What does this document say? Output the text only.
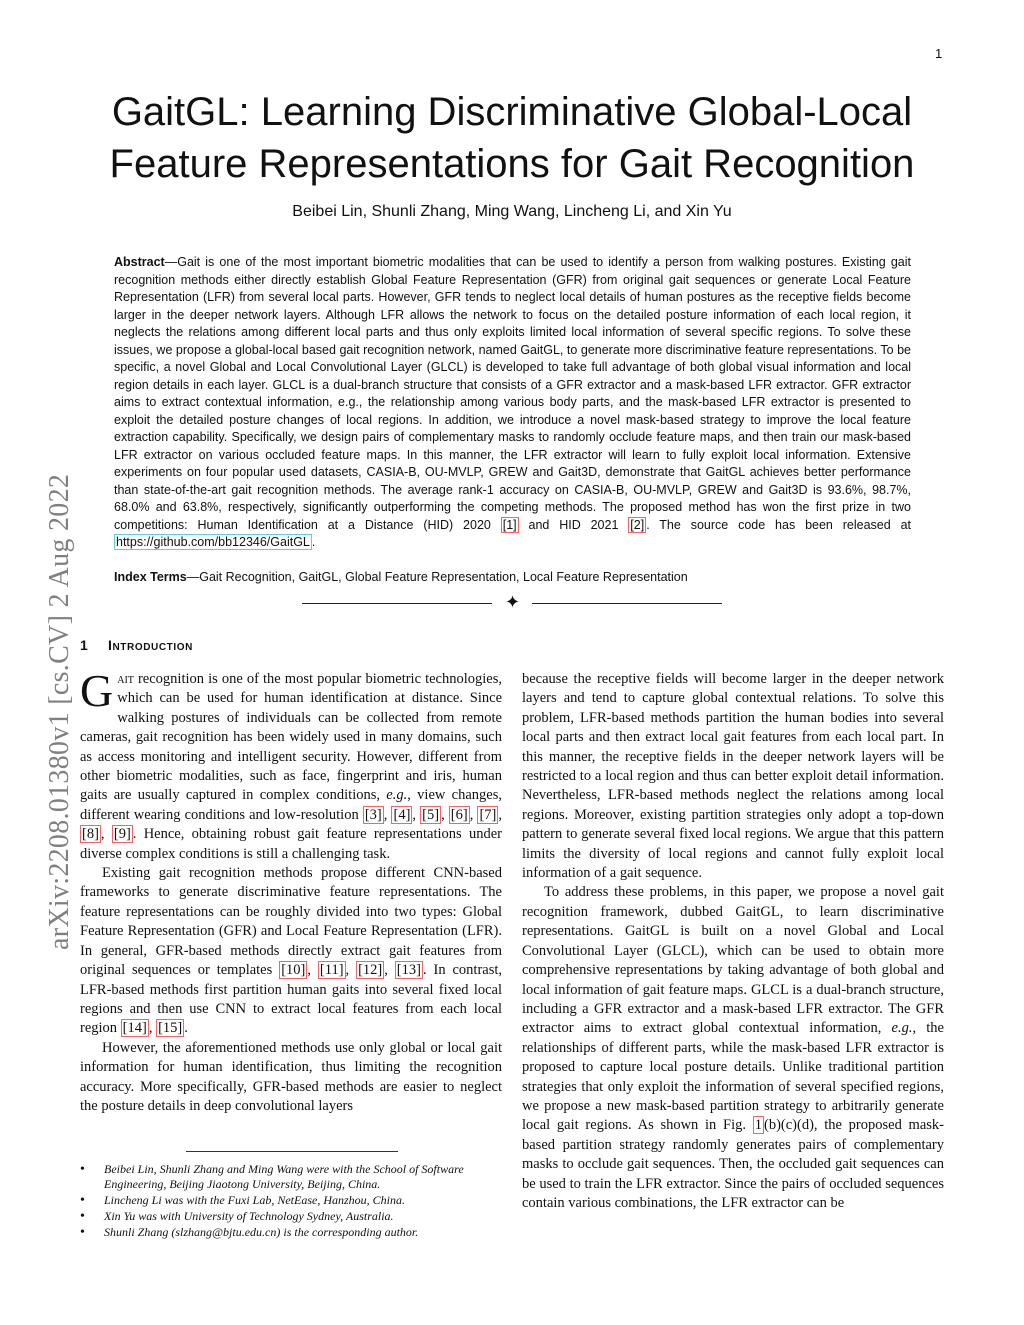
1
arXiv:2208.01380v1 [cs.CV] 2 Aug 2022
GaitGL: Learning Discriminative Global-Local
Feature Representations for Gait Recognition
Beibei Lin, Shunli Zhang, Ming Wang, Lincheng Li, and Xin Yu
Abstract—Gait is one of the most important biometric modalities that can be used to identify a person from walking postures. Existing gait recognition methods either directly establish Global Feature Representation (GFR) from original gait sequences or generate Local Feature Representation (LFR) from several local parts. However, GFR tends to neglect local details of human postures as the receptive fields become larger in the deeper network layers. Although LFR allows the network to focus on the detailed posture information of each local region, it neglects the relations among different local parts and thus only exploits limited local information of several specific regions. To solve these issues, we propose a global-local based gait recognition network, named GaitGL, to generate more discriminative feature representations. To be specific, a novel Global and Local Convolutional Layer (GLCL) is developed to take full advantage of both global visual information and local region details in each layer. GLCL is a dual-branch structure that consists of a GFR extractor and a mask-based LFR extractor. GFR extractor aims to extract contextual information, e.g., the relationship among various body parts, and the mask-based LFR extractor is presented to exploit the detailed posture changes of local regions. In addition, we introduce a novel mask-based strategy to improve the local feature extraction capability. Specifically, we design pairs of complementary masks to randomly occlude feature maps, and then train our mask-based LFR extractor on various occluded feature maps. In this manner, the LFR extractor will learn to fully exploit local information. Extensive experiments on four popular used datasets, CASIA-B, OU-MVLP, GREW and Gait3D, demonstrate that GaitGL achieves better performance than state-of-the-art gait recognition methods. The average rank-1 accuracy on CASIA-B, OU-MVLP, GREW and Gait3D is 93.6%, 98.7%, 68.0% and 63.8%, respectively, significantly outperforming the competing methods. The proposed method has won the first prize in two competitions: Human Identification at a Distance (HID) 2020 [1] and HID 2021 [2] . The source code has been released at https://github.com/bb12346/GaitGL .
Index Terms—Gait Recognition, GaitGL, Global Feature Representation, Local Feature Representation
✦
1 Introduction

Gait recognition is one of the most popular biometric technologies, which can be used for human identification at distance. Since walking postures of individuals can be collected from remote cameras, gait recognition has been widely used in many domains, such as access monitoring and intelligent security. However, different from other biometric modalities, such as face, fingerprint and iris, human gaits are usually captured in complex conditions, e.g., view changes, different wearing conditions and low-resolution [3] , [4] , [5] , [6] , [7] , [8] , [9] . Hence, obtaining robust gait feature representations under diverse complex conditions is still a challenging task.

Existing gait recognition methods propose different CNN-based frameworks to generate discriminative feature representations. The feature representations can be roughly divided into two types: Global Feature Representation (GFR) and Local Feature Representation (LFR). In general, GFR-based methods directly extract gait features from original sequences or templates [10] , [11] , [12] , [13] . In contrast, LFR-based methods first partition human gaits into several fixed local regions and then use CNN to extract local features from each local region [14] , [15] .

However, the aforementioned methods use only global or local gait information for human identification, thus limiting the recognition accuracy. More specifically, GFR-based methods are easier to neglect the posture details in deep convolutional layers

• Beibei Lin, Shunli Zhang and Ming Wang were with the School of Software Engineering, Beijing Jiaotong University, Beijing, China.
• Lincheng Li was with the Fuxi Lab, NetEase, Hanzhou, China.
• Xin Yu was with University of Technology Sydney, Australia.
• Shunli Zhang (slzhang@bjtu.edu.cn) is the corresponding author.

because the receptive fields will become larger in the deeper network layers and tend to capture global contextual relations. To solve this problem, LFR-based methods partition the human bodies into several local parts and then extract local gait features from each local part. In this manner, the receptive fields in the deeper network layers will be restricted to a local region and thus can better exploit detail information. Nevertheless, LFR-based methods neglect the relations among local regions. Moreover, existing partition strategies only adopt a top-down pattern to generate several fixed local regions. We argue that this pattern limits the diversity of local regions and cannot fully exploit local information of a gait sequence.

To address these problems, in this paper, we propose a novel gait recognition framework, dubbed GaitGL, to learn discriminative representations. GaitGL is built on a novel Global and Local Convolutional Layer (GLCL), which can be used to obtain more comprehensive representations by taking advantage of both global and local information of gait feature maps. GLCL is a dual-branch structure, including a GFR extractor and a mask-based LFR extractor. The GFR extractor aims to extract global contextual information, e.g., the relationships of different parts, while the mask-based LFR extractor is proposed to capture local posture details. Unlike traditional partition strategies that only exploit the information of several specified regions, we propose a new mask-based partition strategy to arbitrarily generate local gait regions. As shown in Fig. 1 (b)(c)(d), the proposed mask-based partition strategy randomly generates pairs of complementary masks to occlude gait sequences. Then, the occluded gait sequences can be used to train the LFR extractor. Since the pairs of occluded sequences contain various combinations, the LFR extractor can be
